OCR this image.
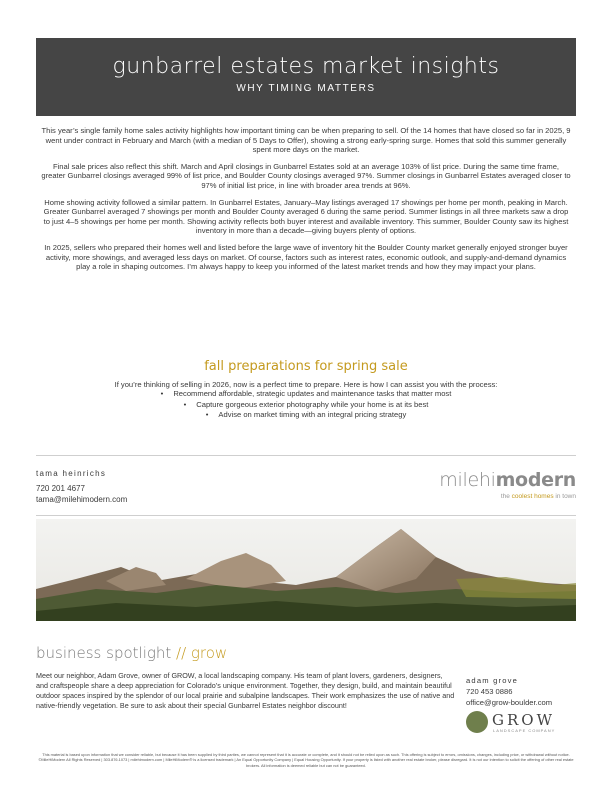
gunbarrel estates market insights
WHY TIMING MATTERS

This year’s single family home sales activity highlights how important timing can be when preparing to sell. Of the 14 homes that have closed so far in 2025, 9 went under contract in February and March (with a median of 5 Days to Offer), showing a strong early-spring surge. Homes that sold this summer generally spent more days on the market.

Final sale prices also reflect this shift. March and April closings in Gunbarrel Estates sold at an average 103% of list price. During the same time frame, greater Gunbarrel closings averaged 99% of list price, and Boulder County closings averaged 97%. Summer closings in Gunbarrel Estates averaged closer to 97% of initial list price, in line with broader area trends at 96%.

Home showing activity followed a similar pattern. In Gunbarrel Estates, January–May listings averaged 17 showings per home per month, peaking in March. Greater Gunbarrel averaged 7 showings per month and Boulder County averaged 6 during the same period. Summer listings in all three markets saw a drop to just 4–5 showings per home per month. Showing activity reflects both buyer interest and available inventory. This summer, Boulder County saw its highest inventory in more than a decade—giving buyers plenty of options.

In 2025, sellers who prepared their homes well and listed before the large wave of inventory hit the Boulder County market generally enjoyed stronger buyer activity, more showings, and averaged less days on market. Of course, factors such as interest rates, economic outlook, and supply-and-demand dynamics play a role in shaping outcomes. I’m always happy to keep you informed of the latest market trends and how they may impact your plans.

fall preparations for spring sale
If you’re thinking of selling in 2026, now is a perfect time to prepare. Here is how I can assist you with the process:
• Recommend affordable, strategic updates and maintenance tasks that matter most
• Capture gorgeous exterior photography while your home is at its best
• Advise on market timing with an integral pricing strategy
tama heinrichs
720 201 4677
tama@milehimodern.com
milehimodern
the coolest homes in town
business spotlight // grow
Meet our neighbor, Adam Grove, owner of GROW, a local landscaping company. His team of plant lovers, gardeners, designers, and craftspeople share a deep appreciation for Colorado’s unique environment. Together, they design, build, and maintain beautiful outdoor spaces inspired by the splendor of our local prairie and subalpine landscapes. Their work emphasizes the use of native and native-friendly vegetation. Be sure to ask about their special Gunbarrel Estates neighbor discount!
adam grove
720 453 0886
office@grow-boulder.com
GROW
LANDSCAPE COMPANY
This material is based upon information that we consider reliable, but because it has been supplied by third parties, we cannot represent that it is accurate or complete, and it should not be relied upon as such. This offering is subject to errors, omissions, changes, including price, or withdrawal without notice. ©MileHiModern All Rights Reserved | 303.876.1073 | milehimodern.com | MileHiModern® is a licensed trademark | An Equal Opportunity Company | Equal Housing Opportunity. If your property is listed with another real estate broker, please disregard. It is not our intention to solicit the offering of other real estate brokers. All information is deemed reliable but can not be guaranteed.
